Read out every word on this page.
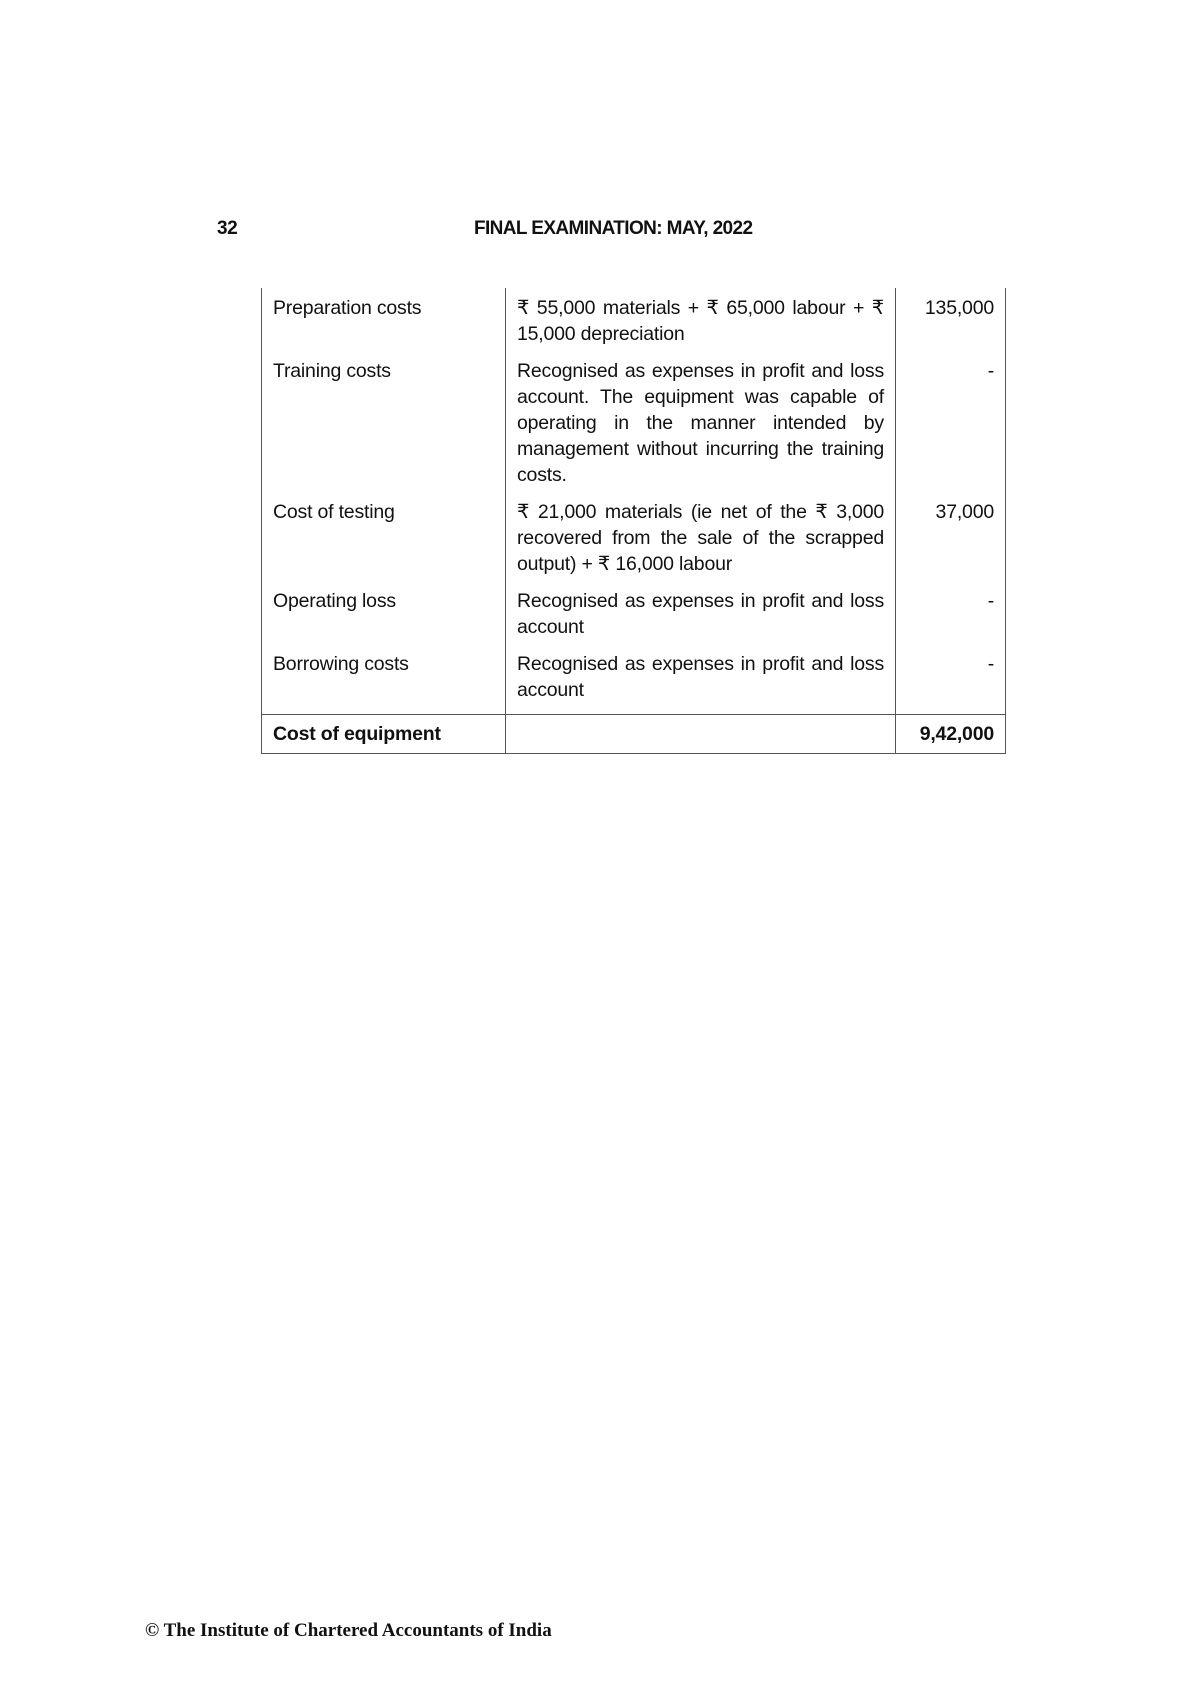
32	FINAL EXAMINATION: MAY, 2022
Preparation costs	₹ 55,000 materials + ₹ 65,000 labour + ₹ 15,000 depreciation	135,000
Training costs	Recognised as expenses in profit and loss account. The equipment was capable of operating in the manner intended by management without incurring the training costs.	-
Cost of testing	₹ 21,000 materials (ie net of the ₹ 3,000 recovered from the sale of the scrapped output) + ₹ 16,000 labour	37,000
Operating loss	Recognised as expenses in profit and loss account	-
Borrowing costs	Recognised as expenses in profit and loss account	-
Cost of equipment		9,42,000
© The Institute of Chartered Accountants of India
